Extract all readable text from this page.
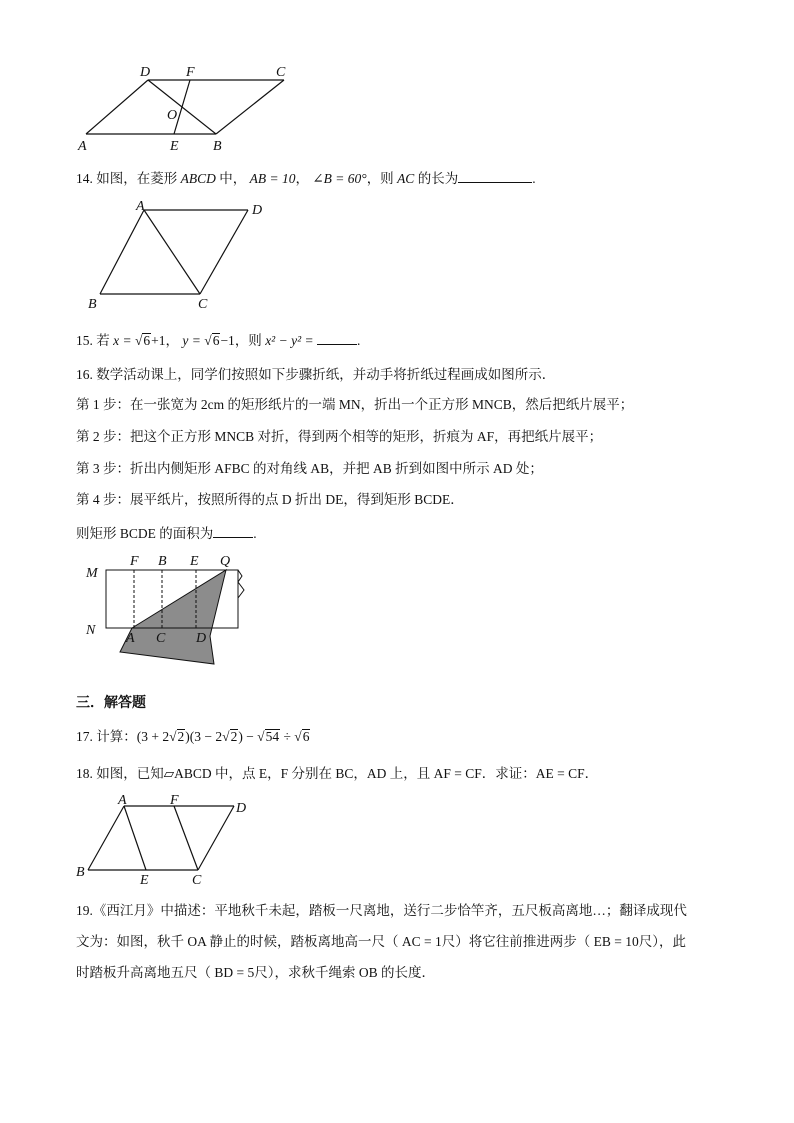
D	F	C
O
A	E B
14. 如图，在菱形 ABCD 中， AB = 10， ∠B = 60°，则 AC 的长为	.
A	D
B	C
15. 若 x = √6+1， y = √6−1，则 x² − y² =	.
16. 数学活动课上，同学们按照如下步骤折纸，并动手将折纸过程画成如图所示．
第 1 步：在一张宽为 2cm 的矩形纸片的一端 MN，折出一个正方形 MNCB，然后把纸片展平；
第 2 步：把这个正方形 MNCB 对折，得到两个相等的矩形，折痕为 AF，再把纸片展平；
第 3 步：折出内侧矩形 AFBC 的对角线 AB，并把 AB 折到如图中所示 AD 处；
第 4 步：展平纸片，按照所得的点 D 折出 DE，得到矩形 BCDE．
则矩形 BCDE 的面积为	.
M
N
F B E Q
A C D
三．解答题
17. 计算：(3 + 2√2)(3 − 2√2) − √54 ÷ √6
18. 如图，已知▱ABCD 中，点 E，F 分别在 BC，AD 上，且 AF = CF．求证：AE = CF．
A	F
D
B
E	C
19.《西江月》中描述：平地秋千未起，踏板一尺离地，送行二步恰竿齐，五尺板高离地…；翻译成现代
文为：如图，秋千 OA 静止的时候，踏板离地高一尺（ AC = 1尺）将它往前推进两步（ EB = 10尺），此
时踏板升高离地五尺（ BD = 5尺），求秋千绳索 OB 的长度．
